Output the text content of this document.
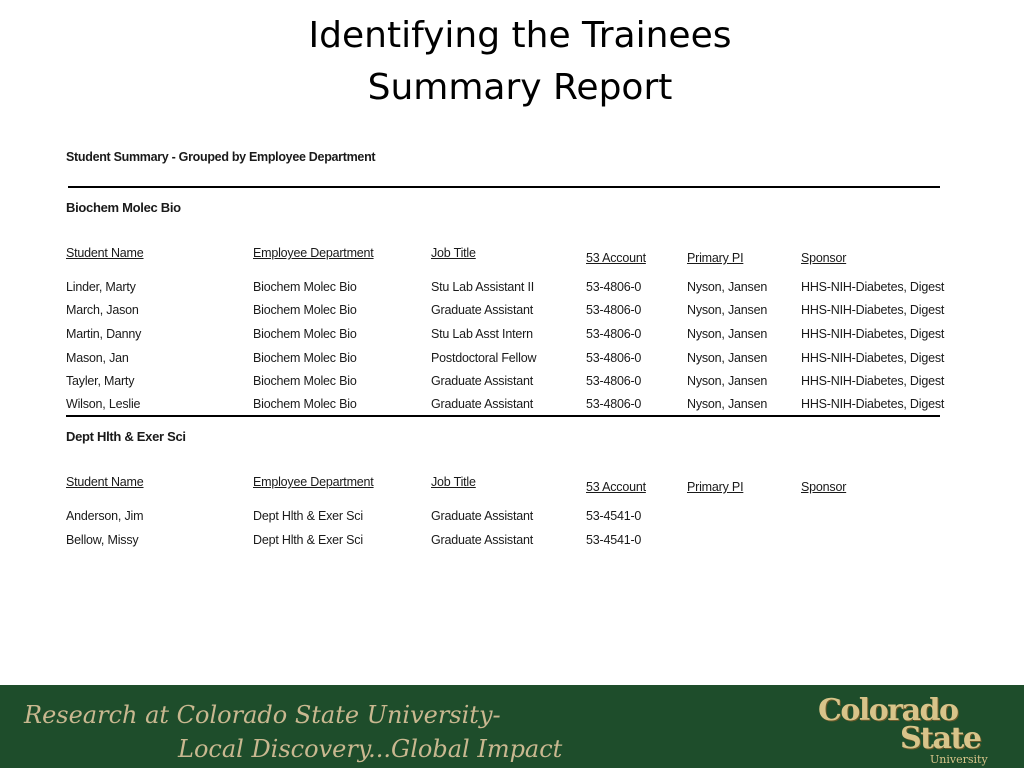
Identifying the Trainees
Summary Report
Student Summary - Grouped by Employee Department
Biochem Molec Bio
Student Name	Employee Department	Job Title	53 Account	Primary PI	Sponsor
Linder, Marty	Biochem Molec Bio	Stu Lab Assistant II	53-4806-0	Nyson, Jansen	HHS-NIH-Diabetes, Digest
March, Jason	Biochem Molec Bio	Graduate Assistant	53-4806-0	Nyson, Jansen	HHS-NIH-Diabetes, Digest
Martin, Danny	Biochem Molec Bio	Stu Lab Asst Intern	53-4806-0	Nyson, Jansen	HHS-NIH-Diabetes, Digest
Mason, Jan	Biochem Molec Bio	Postdoctoral Fellow	53-4806-0	Nyson, Jansen	HHS-NIH-Diabetes, Digest
Tayler, Marty	Biochem Molec Bio	Graduate Assistant	53-4806-0	Nyson, Jansen	HHS-NIH-Diabetes, Digest
Wilson, Leslie	Biochem Molec Bio	Graduate Assistant	53-4806-0	Nyson, Jansen	HHS-NIH-Diabetes, Digest
Dept Hlth & Exer Sci
Student Name	Employee Department	Job Title	53 Account	Primary PI	Sponsor
Anderson, Jim	Dept Hlth & Exer Sci	Graduate Assistant	53-4541-0
Bellow, Missy	Dept Hlth & Exer Sci	Graduate Assistant	53-4541-0
Research at Colorado State University-
Local Discovery...Global Impact
Colorado
State
University
